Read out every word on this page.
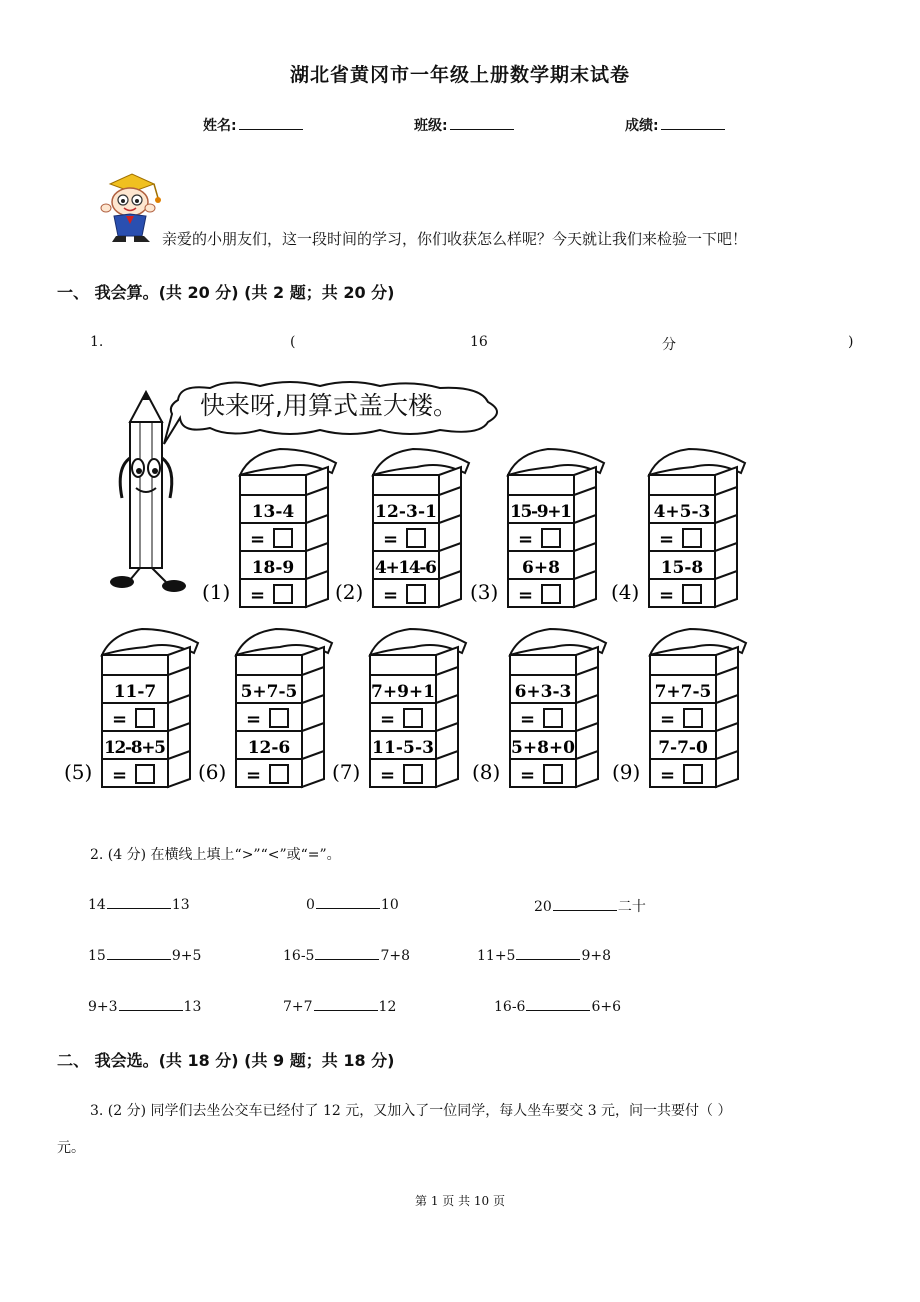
湖北省黄冈市一年级上册数学期末试卷
姓名:	班级:	成绩:
亲爱的小朋友们，这一段时间的学习，你们收获怎么样呢？今天就让我们来检验一下吧！
一、 我会算。(共 20 分) (共 2 题；共 20 分)
1.	(	16	分	)
快来呀,用算式盖大楼。
13-4
18-9
=
=
(1)
12-3-1
4+14-6
=
=
(2)
15-9+1
6+8
=
=
(3)
4+5-3
15-8
=
=
(4)
11-7
12-8+5
=
=
(5)
5+7-5
12-6
=
=
(6)
7+9+1
11-5-3
=
=
(7)
6+3-3
5+8+0
=
=
(8)
7+7-5
7-7-0
=
=
(9)
2. (4 分) 在横线上填上“>”“<”或“=”。
14	13	0	10	20	二十
15	9+5	16-5	7+8	11+5	9+8
9+3	13	7+7	12	16-6	6+6
二、 我会选。(共 18 分) (共 9 题；共 18 分)
3. (2 分) 同学们去坐公交车已经付了 12 元，又加入了一位同学，每人坐车要交 3 元，问一共要付（ ）
元。
第 1 页 共 10 页
